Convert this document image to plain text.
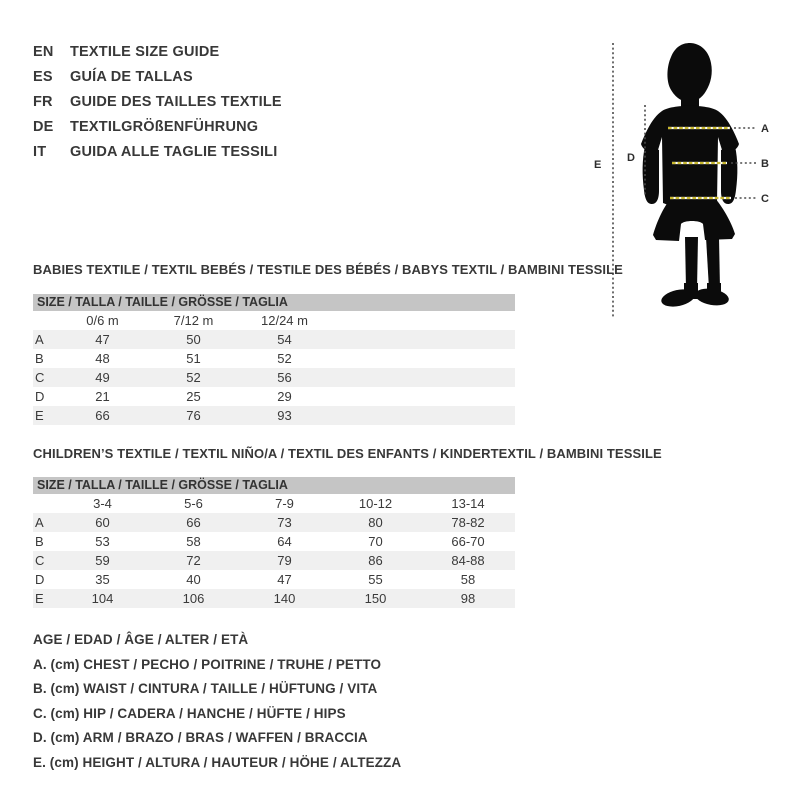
EN	TEXTILE SIZE GUIDE
ES	GUÍA DE TALLAS
FR	GUIDE DES TAILLES TEXTILE
DE	TEXTILGRÖßENFÜHRUNG
IT	GUIDA ALLE TAGLIE TESSILI
A
B
C
D
E
BABIES TEXTILE / TEXTIL BEBÉS / TESTILE DES BÉBÉS / BABYS TEXTIL / BAMBINI TESSILE
SIZE / TALLA / TAILLE / GRÖSSE / TAGLIA
	0/6 m	7/12 m	12/24 m	
A	47	50	54	
B	48	51	52	
C	49	52	56	
D	21	25	29	
E	66	76	93	
CHILDREN’S TEXTILE / TEXTIL NIÑO/A / TEXTIL DES ENFANTS / KINDERTEXTIL / BAMBINI TESSILE
SIZE / TALLA / TAILLE / GRÖSSE / TAGLIA
	3-4	5-6	7-9	10-12	13-14
A	60	66	73	80	78-82
B	53	58	64	70	66-70
C	59	72	79	86	84-88
D	35	40	47	55	58
E	104	106	140	150	98
AGE / EDAD / ÂGE / ALTER / ETÀ
A. (cm) CHEST / PECHO / POITRINE / TRUHE / PETTO
B. (cm) WAIST / CINTURA / TAILLE / HÜFTUNG / VITA
C. (cm) HIP / CADERA / HANCHE / HÜFTE / HIPS
D. (cm) ARM / BRAZO / BRAS / WAFFEN / BRACCIA
E. (cm) HEIGHT / ALTURA / HAUTEUR / HÖHE / ALTEZZA
